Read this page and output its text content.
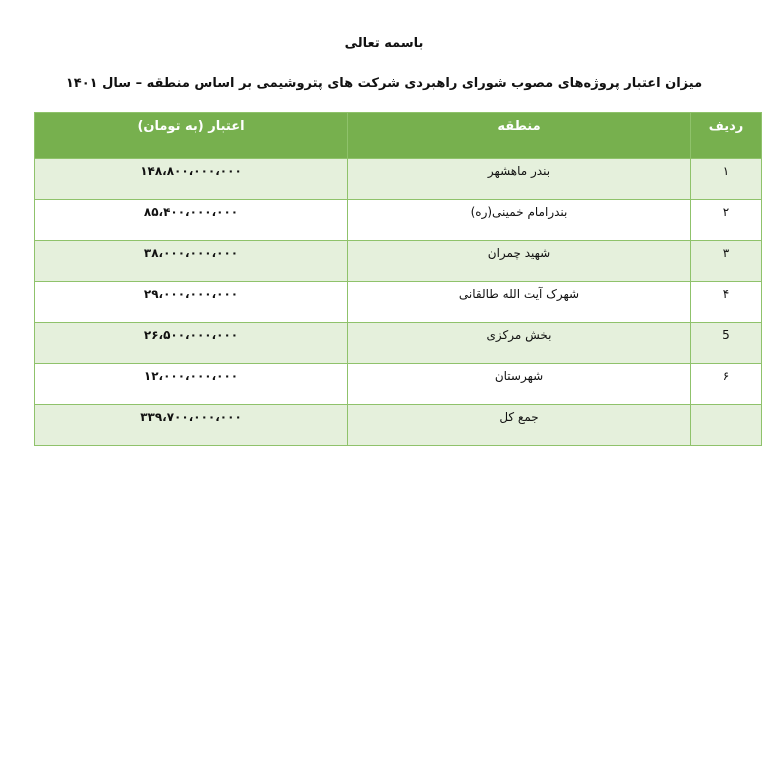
باسمه تعالی
میزان اعتبار پروژه‌های مصوب شورای راهبردی شرکت های پتروشیمی بر اساس منطقه – سال ۱۴۰۱
ردیف	منطقه	اعتبار (به تومان)
۱	بندر ماهشهر	۱۴۸،۸۰۰،۰۰۰،۰۰۰
۲	بندرامام خمینی(ره)	۸۵،۴۰۰،۰۰۰،۰۰۰
۳	شهید چمران	۳۸،۰۰۰،۰۰۰،۰۰۰
۴	شهرک آیت الله طالقانی	۲۹،۰۰۰،۰۰۰،۰۰۰
5	بخش مرکزی	۲۶،۵۰۰،۰۰۰،۰۰۰
۶	شهرستان	۱۲،۰۰۰،۰۰۰،۰۰۰
	جمع کل	۳۳۹،۷۰۰،۰۰۰،۰۰۰
